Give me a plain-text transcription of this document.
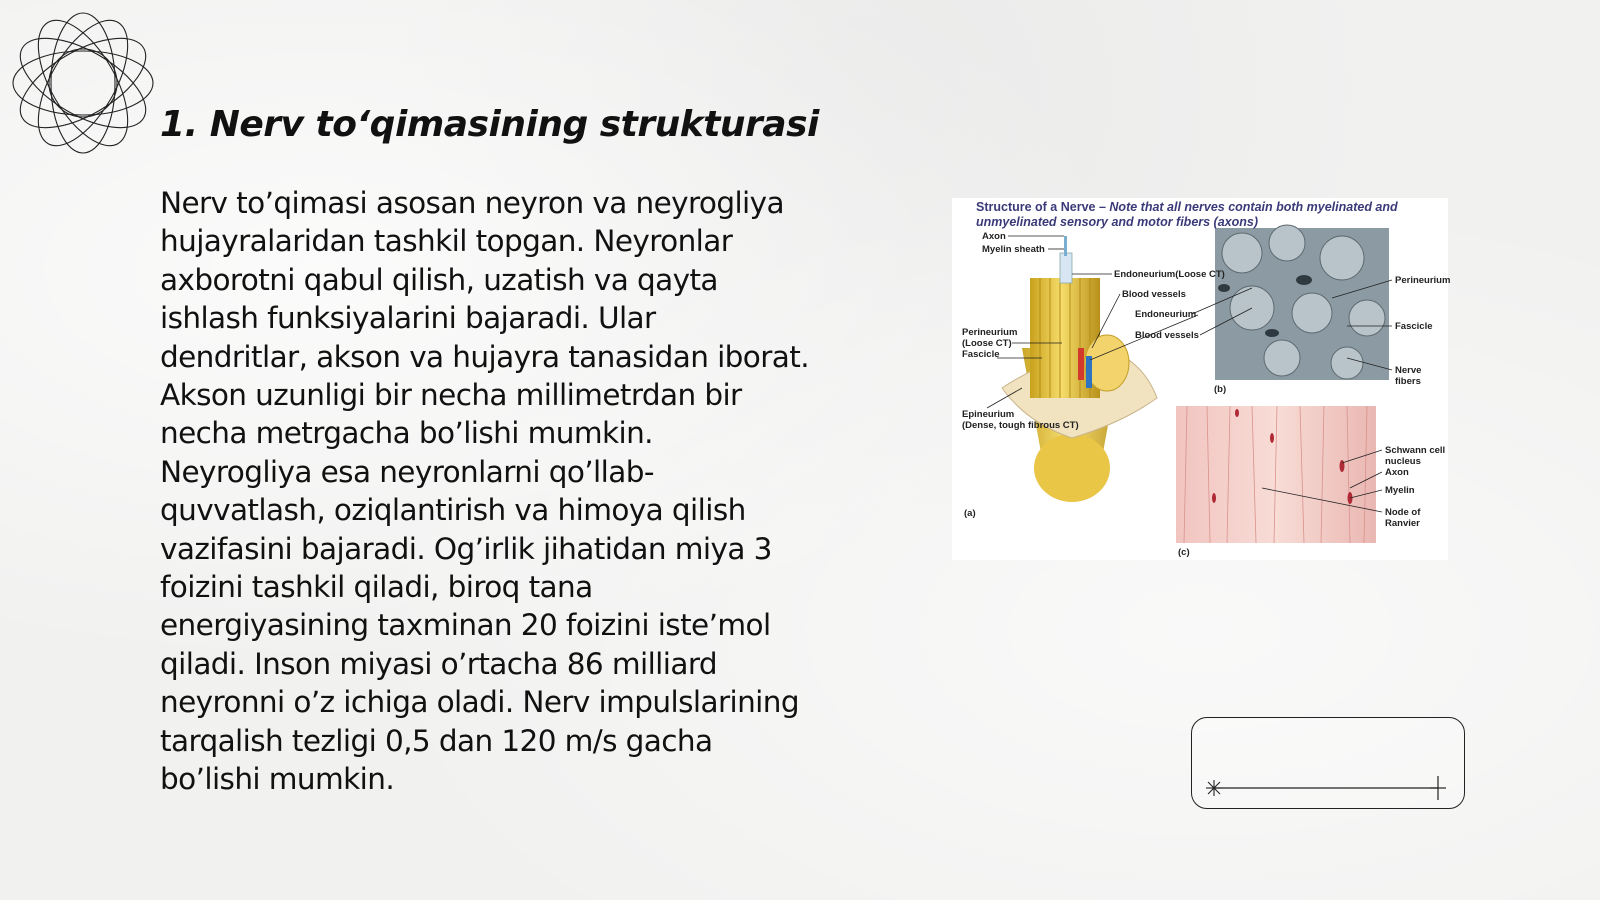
1. Nerv to‘qimasining strukturasi

Nerv to’qimasi asosan neyron va neyrogliya
hujayralaridan tashkil topgan. Neyronlar
axborotni qabul qilish, uzatish va qayta
ishlash funksiyalarini bajaradi. Ular
dendritlar, akson va hujayra tanasidan iborat.
Akson uzunligi bir necha millimetrdan bir
necha metrgacha bo’lishi mumkin.
Neyrogliya esa neyronlarni qo’llab-
quvvatlash, oziqlantirish va himoya qilish
vazifasini bajaradi. Og’irlik jihatidan miya 3
foizini tashkil qiladi, biroq tana
energiyasining taxminan 20 foizini iste’mol
qiladi. Inson miyasi o’rtacha 86 milliard
neyronni o’z ichiga oladi. Nerv impulslarining
tarqalish tezligi 0,5 dan 120 m/s gacha
bo’lishi mumkin.

Structure of a Nerve – Note that all nerves contain both myelinated and
unmyelinated sensory and motor fibers (axons)
Axon
Myelin sheath
Endoneurium(Loose CT)
Blood vessels
Endoneurium
Blood vessels
Perineurium
(Loose CT)
Fascicle
Epineurium
(Dense, tough fibrous CT)
(a)
(b)
(c)
Perineurium
Fascicle
Nerve
fibers
Schwann cell
nucleus
Axon
Myelin
Node of
Ranvier
